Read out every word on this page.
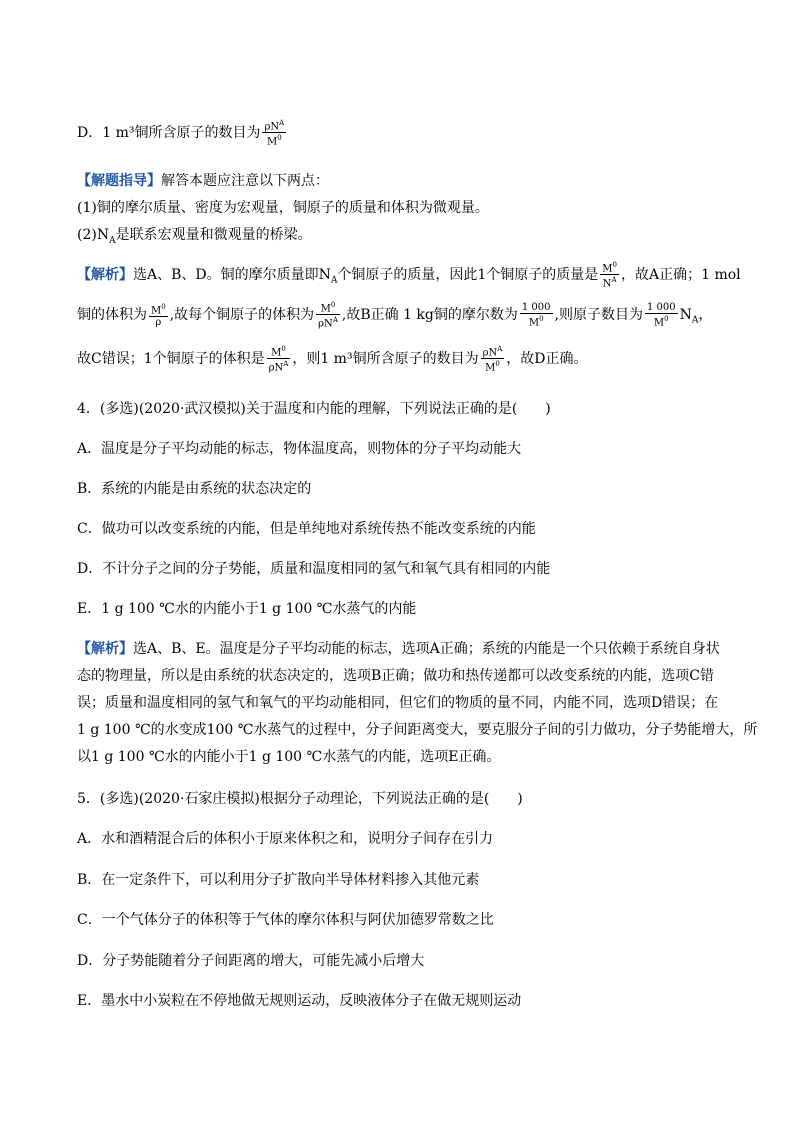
D．1 m³铜所含原子的数目为 $\frac{\rho N^A}{M^0}$
【解题指导】解答本题应注意以下两点：
(1)铜的摩尔质量、密度为宏观量，铜原子的质量和体积为微观量。
$(2)N_A$是联系宏观量和微观量的桥梁。
【解析】选A、B、D。铜的摩尔质量即$N_A$个铜原子的质量，因此1个铜原子的质量是 $\frac{M^0}{N^A}$ ，故A正确；1 mol
铜的体积为 $\frac{M^0}{\rho}$ ,故每个铜原子的体积为 $\frac{M^0}{\rho N^A}$ ,故B正确 1 kg铜的摩尔数为 $\frac{1 000}{M^0}$ ,则原子数目为 $\frac{1 000}{M^0} N_A$，
故C错误；1个铜原子的体积是 $\frac{M^0}{\rho N^A}$ ，则1 m³铜所含原子的数目为 $\frac{\rho N^A}{M^0}$ ，故D正确。
4．(多选)(2020·武汉模拟)关于温度和内能的理解，下列说法正确的是(　　)
A．温度是分子平均动能的标志，物体温度高，则物体的分子平均动能大
B．系统的内能是由系统的状态决定的
C．做功可以改变系统的内能，但是单纯地对系统传热不能改变系统的内能
D．不计分子之间的分子势能，质量和温度相同的氢气和氧气具有相同的内能
E．1 g 100 ℃水的内能小于1 g 100 ℃水蒸气的内能
【解析】选A、B、E。温度是分子平均动能的标志，选项A正确；系统的内能是一个只依赖于系统自身状
态的物理量，所以是由系统的状态决定的，选项B正确；做功和热传递都可以改变系统的内能，选项C错
误；质量和温度相同的氢气和氧气的平均动能相同，但它们的物质的量不同，内能不同，选项D错误；在
1 g 100 ℃的水变成100 ℃水蒸气的过程中，分子间距离变大，要克服分子间的引力做功，分子势能增大，所
以1 g 100 ℃水的内能小于1 g 100 ℃水蒸气的内能，选项E正确。
5．(多选)(2020·石家庄模拟)根据分子动理论，下列说法正确的是(　　)
A．水和酒精混合后的体积小于原来体积之和，说明分子间存在引力
B．在一定条件下，可以利用分子扩散向半导体材料掺入其他元素
C．一个气体分子的体积等于气体的摩尔体积与阿伏加德罗常数之比
D．分子势能随着分子间距离的增大，可能先减小后增大
E．墨水中小炭粒在不停地做无规则运动，反映液体分子在做无规则运动
